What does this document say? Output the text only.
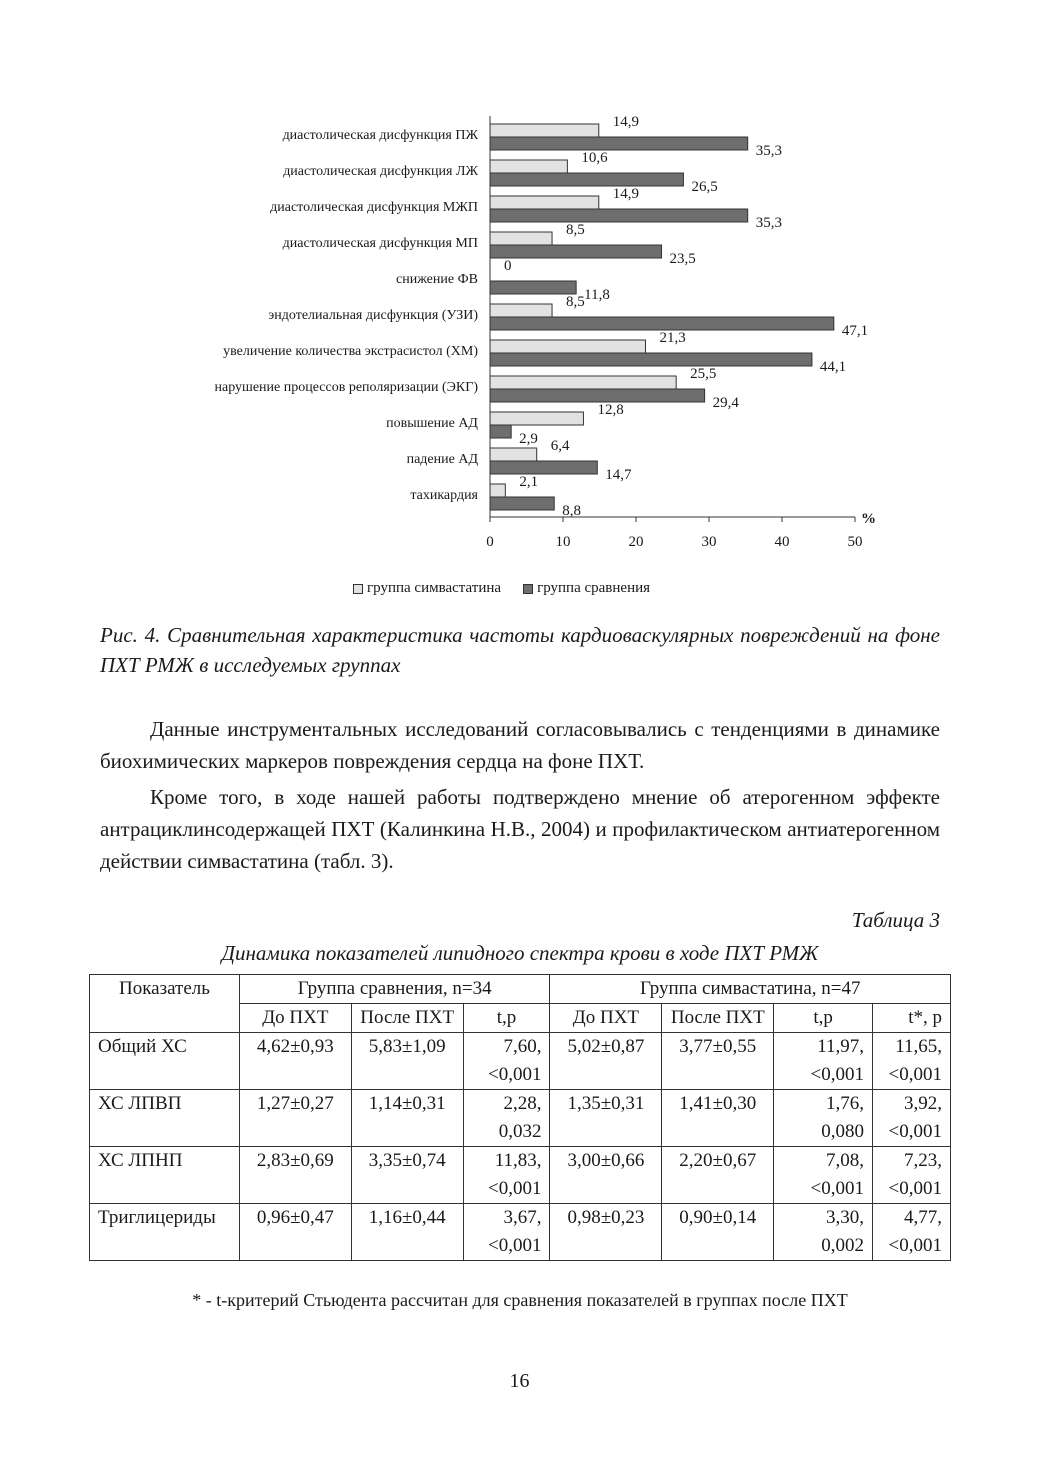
диастолическая дисфункция ПЖ
14,9
35,3
диастолическая дисфункция ЛЖ
10,6
26,5
диастолическая дисфункция МЖП
14,9
35,3
диастолическая дисфункция МП
8,5
23,5
снижение ФВ
0
11,8
эндотелиальная дисфункция (УЗИ)
8,5
47,1
увеличение количества экстрасистол (ХМ)
21,3
44,1
нарушение процессов реполяризации (ЭКГ)
25,5
29,4
повышение АД
12,8
2,9
падение АД
6,4
14,7
тахикардия
2,1
8,8
0	10	20	30	40	50
%
группа симвастатина группа сравнения
Рис. 4. Сравнительная характеристика частоты кардиоваскулярных повреждений на фоне ПХТ РМЖ в исследуемых группах

Данные инструментальных исследований согласовывались с тенденциями в динамике биохимических маркеров повреждения сердца на фоне ПХТ.

Кроме того, в ходе нашей работы подтверждено мнение об атерогенном эффекте антрациклинсодержащей ПХТ (Калинкина Н.В., 2004) и профилактическом антиатерогенном действии симвастатина (табл. 3).

Таблица 3
Динамика показателей липидного спектра крови в ходе ПХТ РМЖ
Показатель	Группа сравнения, n=34			Группа симвастатина, n=47			
	До ПХТ	После ПХТ	t,p	До ПХТ	После ПХТ	t,p	t*, p
Общий ХС	4,62±0,93	5,83±1,09	7,60, <0,001	5,02±0,87	3,77±0,55	11,97, <0,001	11,65, <0,001
ХС ЛПВП	1,27±0,27	1,14±0,31	2,28, 0,032	1,35±0,31	1,41±0,30	1,76, 0,080	3,92, <0,001
ХС ЛПНП	2,83±0,69	3,35±0,74	11,83, <0,001	3,00±0,66	2,20±0,67	7,08, <0,001	7,23, <0,001
Триглицериды	0,96±0,47	1,16±0,44	3,67, <0,001	0,98±0,23	0,90±0,14	3,30, 0,002	4,77, <0,001
* - t-критерий Стьюдента рассчитан для сравнения показателей в группах после ПХТ
16
